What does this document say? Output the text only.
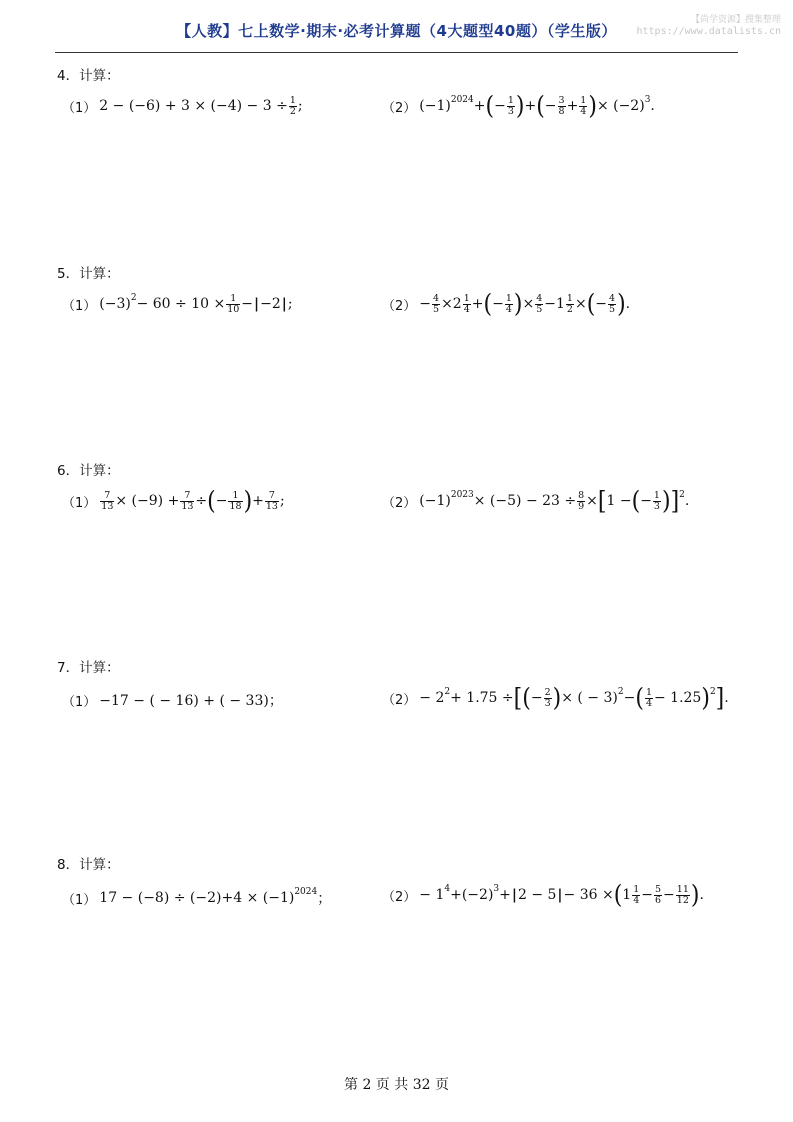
【人教】七上数学·期末·必考计算题（4大题型40题）（学生版）
【尚学资源】搜集整理
https://www.datalists.cn
4．计算：
（1） $2 - (-6) + 3 \times (-4) - 3 \div \frac{1}{2}$ ;	（2） (−1) 2024 + ( − $\frac{1}{3}$ ) + ( − $\frac{3}{8} + \frac{1}{4}$ ) × (−2) 3 .
5．计算：
（1） (−3) $2 - 60 \div 10 \times \frac{1}{10}$ − | −2 | ;	$(2) - \frac{4}{5} \times 2 \frac{1}{4}$ + ( − $\frac{1}{4}$ ) × $\frac{4}{5} - 1 \frac{1}{2}$ × ( − $\frac{4}{5}$ ) .
6．计算：
$(1) \frac{7}{13} \times (-9) + \frac{7}{13}$ ÷ ( − $\frac{1}{18}$ ) + $\frac{7}{13}$ ;	（2） (−1) $2023 \times (-5) - 23 \div \frac{8}{9}$ × [ 1 − ( − $\frac{1}{3}$ ) ] 2 .
7．计算：
（1） −17 − ( − 16) + ( − 33)；	（2） − 2 2 + 1.75 ÷ [ ( − $\frac{2}{3}$ ) × ( − 3) 2 − ( $\frac{1}{4} - 1.25$ ) 2 ] .
8．计算：
（1） 17 − (−8) ÷ (−2)+4 × (−1) 2024 ；	（2） − 1 4 +(−2) 3 + | 2 − 5 | − 36 × ( $1 \frac{1}{4} - \frac{5}{6} - \frac{11}{12}$ ) .
第 2 页 共 32 页
